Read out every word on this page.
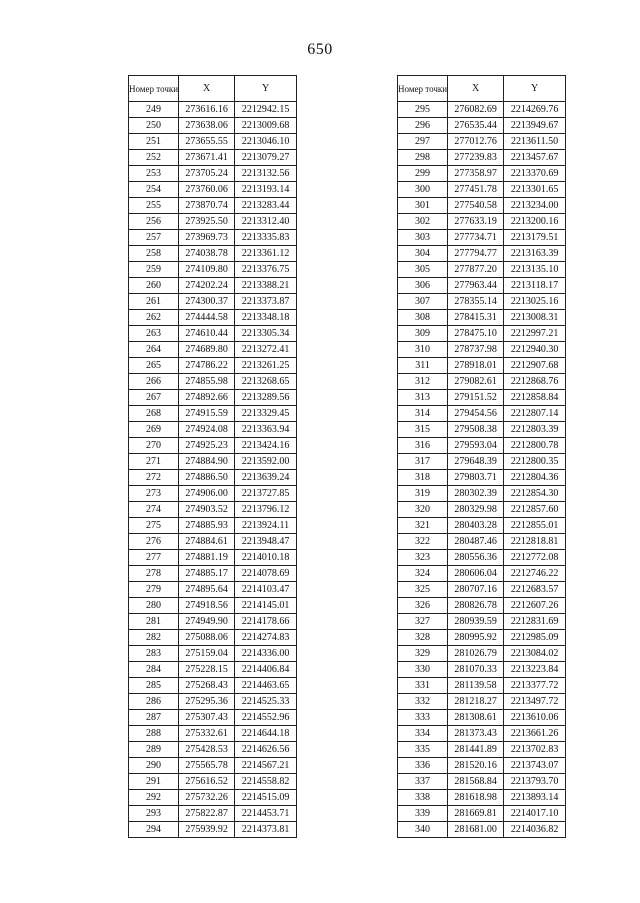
650
Номер точки	X	Y
249	273616.16	2212942.15
250	273638.06	2213009.68
251	273655.55	2213046.10
252	273671.41	2213079.27
253	273705.24	2213132.56
254	273760.06	2213193.14
255	273870.74	2213283.44
256	273925.50	2213312.40
257	273969.73	2213335.83
258	274038.78	2213361.12
259	274109.80	2213376.75
260	274202.24	2213388.21
261	274300.37	2213373.87
262	274444.58	2213348.18
263	274610.44	2213305.34
264	274689.80	2213272.41
265	274786.22	2213261.25
266	274855.98	2213268.65
267	274892.66	2213289.56
268	274915.59	2213329.45
269	274924.08	2213363.94
270	274925.23	2213424.16
271	274884.90	2213592.00
272	274886.50	2213639.24
273	274906.00	2213727.85
274	274903.52	2213796.12
275	274885.93	2213924.11
276	274884.61	2213948.47
277	274881.19	2214010.18
278	274885.17	2214078.69
279	274895.64	2214103.47
280	274918.56	2214145.01
281	274949.90	2214178.66
282	275088.06	2214274.83
283	275159.04	2214336.00
284	275228.15	2214406.84
285	275268.43	2214463.65
286	275295.36	2214525.33
287	275307.43	2214552.96
288	275332.61	2214644.18
289	275428.53	2214626.56
290	275565.78	2214567.21
291	275616.52	2214558.82
292	275732.26	2214515.09
293	275822.87	2214453.71
294	275939.92	2214373.81
Номер точки	X	Y
295	276082.69	2214269.76
296	276535.44	2213949.67
297	277012.76	2213611.50
298	277239.83	2213457.67
299	277358.97	2213370.69
300	277451.78	2213301.65
301	277540.58	2213234.00
302	277633.19	2213200.16
303	277734.71	2213179.51
304	277794.77	2213163.39
305	277877.20	2213135.10
306	277963.44	2213118.17
307	278355.14	2213025.16
308	278415.31	2213008.31
309	278475.10	2212997.21
310	278737.98	2212940.30
311	278918.01	2212907.68
312	279082.61	2212868.76
313	279151.52	2212858.84
314	279454.56	2212807.14
315	279508.38	2212803.39
316	279593.04	2212800.78
317	279648.39	2212800.35
318	279803.71	2212804.36
319	280302.39	2212854.30
320	280329.98	2212857.60
321	280403.28	2212855.01
322	280487.46	2212818.81
323	280556.36	2212772.08
324	280606.04	2212746.22
325	280707.16	2212683.57
326	280826.78	2212607.26
327	280939.59	2212831.69
328	280995.92	2212985.09
329	281026.79	2213084.02
330	281070.33	2213223.84
331	281139.58	2213377.72
332	281218.27	2213497.72
333	281308.61	2213610.06
334	281373.43	2213661.26
335	281441.89	2213702.83
336	281520.16	2213743.07
337	281568.84	2213793.70
338	281618.98	2213893.14
339	281669.81	2214017.10
340	281681.00	2214036.82
